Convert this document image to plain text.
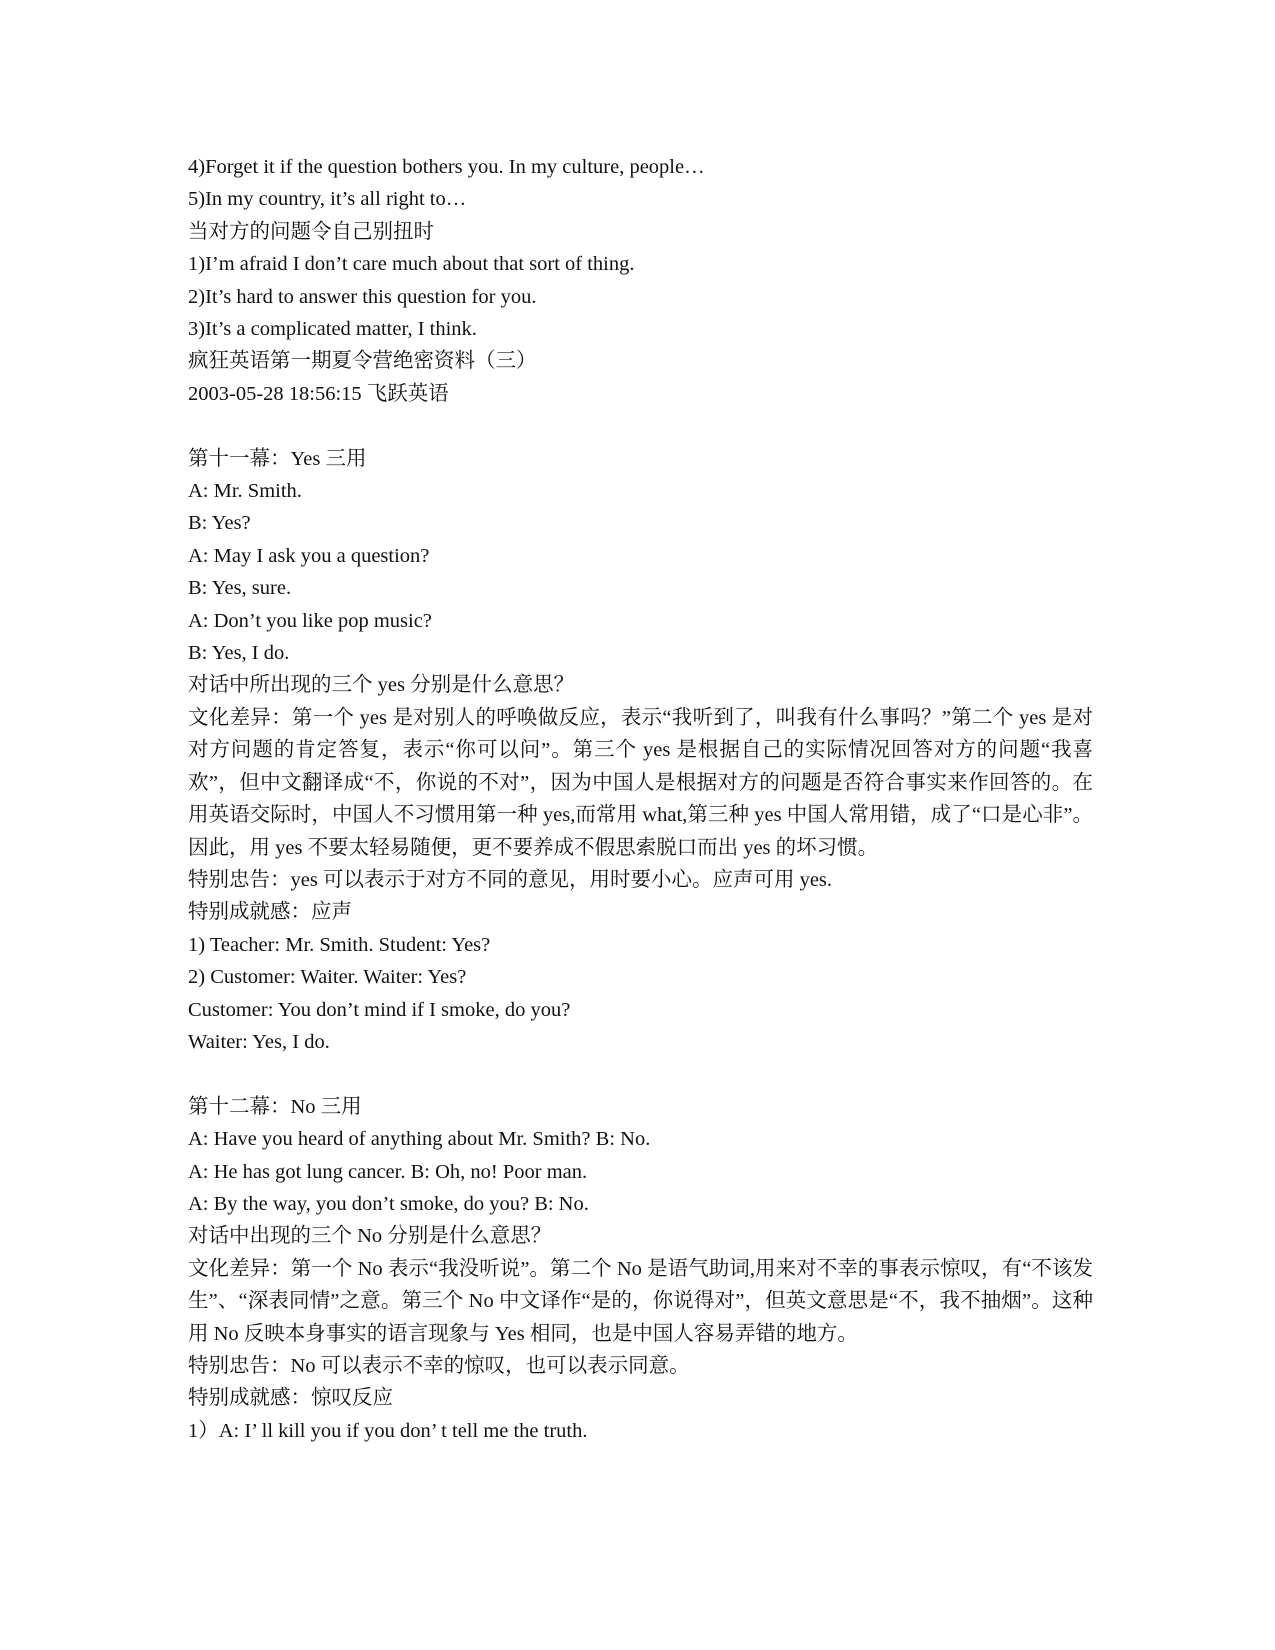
4)Forget it if the question bothers you. In my culture, people…
5)In my country, it’s all right to…
当对方的问题令自己别扭时
1)I’m afraid I don’t care much about that sort of thing.
2)It’s hard to answer this question for you.
3)It’s a complicated matter, I think.
疯狂英语第一期夏令营绝密资料（三）
2003-05-28 18:56:15 飞跃英语
第十一幕：Yes 三用
A: Mr. Smith.
B: Yes?
A: May I ask you a question?
B: Yes, sure.
A: Don’t you like pop music?
B: Yes, I do.
对话中所出现的三个 yes 分别是什么意思？
文化差异：第一个 yes 是对别人的呼唤做反应，表示“我听到了，叫我有什么事吗？”第二个 yes 是对对方问题的肯定答复，表示“你可以问”。第三个 yes 是根据自己的实际情况回答对方的问题“我喜欢”，但中文翻译成“不，你说的不对”，因为中国人是根据对方的问题是否符合事实来作回答的。在用英语交际时，中国人不习惯用第一种 yes,而常用 what,第三种 yes 中国人常用错，成了“口是心非”。因此，用 yes 不要太轻易随便，更不要养成不假思索脱口而出 yes 的坏习惯。
特别忠告：yes 可以表示于对方不同的意见，用时要小心。应声可用 yes.
特别成就感：应声
1) Teacher: Mr. Smith. Student: Yes?
2) Customer: Waiter. Waiter: Yes?
Customer: You don’t mind if I smoke, do you?
Waiter: Yes, I do.
第十二幕：No 三用
A: Have you heard of anything about Mr. Smith? B: No.
A: He has got lung cancer. B: Oh, no! Poor man.
A: By the way, you don’t smoke, do you? B: No.
对话中出现的三个 No 分别是什么意思？
文化差异：第一个 No 表示“我没听说”。第二个 No 是语气助词,用来对不幸的事表示惊叹，有“不该发生”、“深表同情”之意。第三个 No 中文译作“是的，你说得对”，但英文意思是“不，我不抽烟”。这种用 No 反映本身事实的语言现象与 Yes 相同，也是中国人容易弄错的地方。
特别忠告：No 可以表示不幸的惊叹，也可以表示同意。
特别成就感：惊叹反应
1）A: I’ ll kill you if you don’ t tell me the truth.
